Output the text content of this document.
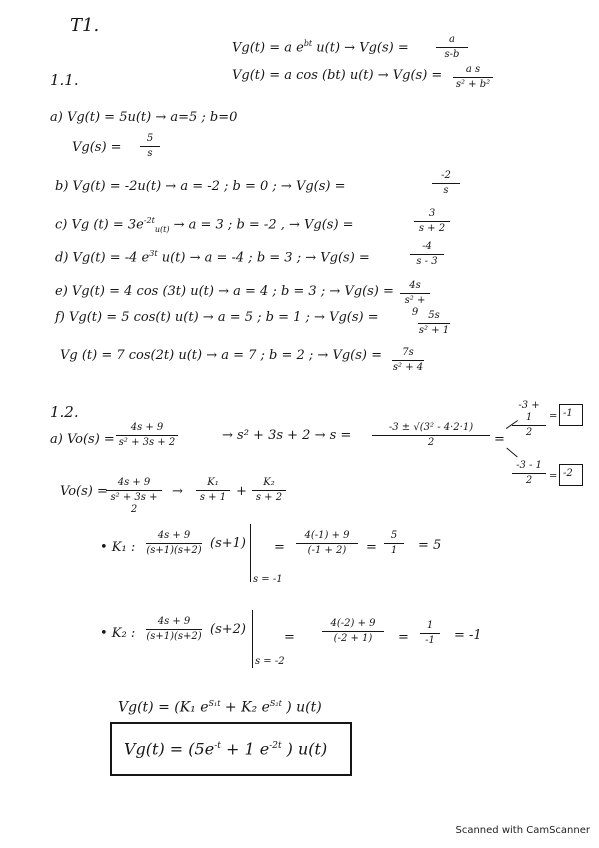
T1.
Vg(t) = a $e^{bt}$ u(t) → Vg(s) =	$\frac{a}{s-b}$
Vg(t) = a cos (bt) $u(t) \to Vg(s) = \frac{\text{a s}}{\text{s² + b²}}$
1.1.
a) Vg(t) = 5u(t) → a=5 ; b=0
$Vg(s) = \frac{5}{s}$
b) Vg(t) = -2u(t) → a = -2 ; b = 0 ; → Vg(s) =	$\frac{-2}{s}$
c) Vg $(t) = 3e^{-2t}_{u(t)} \to a = 3$ ; b = -2 , → Vg(s) =	$\frac{3}{s + 2}$
d) Vg(t) = -4 $e^{3t}$ u(t) → a = -4 ; b = 3 ; → Vg(s) =	$\frac{-4}{s - 3}$
e) Vg(t) = 4 cos (3t) u(t) → a = 4 ; b = 3 ; → $Vg(s) = \frac{4s}{\text{s² + 9}}$
f) Vg(t) = 5 cos(t) u(t) → a = 5 ; b = 1 ; → Vg(s) =	$\frac{5s}{\text{s² + 1}}$
Vg (t) = 7 cos(2t) u(t) → a = 7 ; b = 2 ; → $Vg(s) = \frac{7s}{\text{s² + 4}}$
1.2.
a) $Vo(s) = \frac{4s + 9}{\text{s² + 3s + 2}}$	→ $s^2 + 3s + 2 \to s = \frac{\text{-3 ± √(3² - 4·2·1)}}{2}$ =
$\frac{-3 + 1}{2} = -1$
$\frac{-3 - 1}{2} = -2$
Vo(s) =
$\frac{4s + 9}{\text{s² + 3s + 2}} \to \frac{\text{K₁}}{s + 1} + \frac{\text{K₂}}{s + 2}$
• K₁ : $\frac{4s + 9}{(s+1)(s+2)} (s+1)$
s = -1
= $\frac{4(-1) + 9}{(-1 + 2)} = \frac{5}{1} = 5$
• K₂ : $\frac{4s + 9}{(s+1)(s+2)} (s+2)$
s = -2
=	$\frac{4(-2) + 9}{(-2 + 1)} = \frac{1}{-1} = -1$
Vg(t) = (K₁ $e^{S_1t} + K_2$ $e^{S_2t}$ ) u(t)
$Vg(t) = (5e^{-t} + 1$ $e^{-2t}$ ) u(t)
Scanned with CamScanner
